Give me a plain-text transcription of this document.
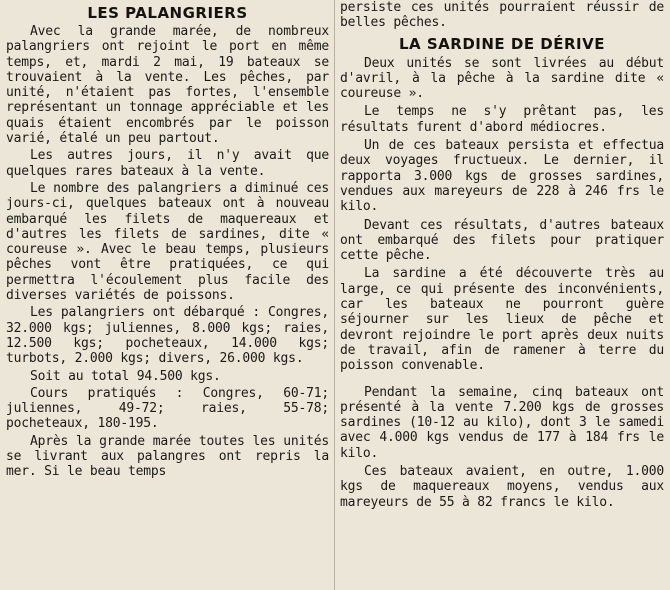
LES PALANGRIERS

Avec la grande marée, de nombreux palangriers ont rejoint le port en même temps, et, mardi 2 mai, 19 bateaux se trouvaient à la vente. Les pêches, par unité, n'étaient pas fortes, l'ensemble représentant un tonnage appréciable et les quais étaient encombrés par le poisson varié, étalé un peu partout.

Les autres jours, il n'y avait que quelques rares bateaux à la vente.

Le nombre des palangriers a diminué ces jours-ci, quelques bateaux ont à nouveau embarqué les filets de maquereaux et d'autres les filets de sardines, dite « coureuse ». Avec le beau temps, plusieurs pêches vont être pratiquées, ce qui permettra l'écoulement plus facile des diverses variétés de poissons.

Les palangriers ont débarqué : Congres, 32.000 kgs; juliennes, 8.000 kgs; raies, 12.500 kgs; pocheteaux, 14.000 kgs; turbots, 2.000 kgs; divers, 26.000 kgs.

Soit au total 94.500 kgs.

Cours pratiqués : Congres, 60-71; juliennes, 49-72; raies, 55-78; pocheteaux, 180-195.

Après la grande marée toutes les unités se livrant aux palangres ont repris la mer. Si le beau temps

persiste ces unités pourraient réussir de belles pêches.

LA SARDINE DE DÉRIVE

Deux unités se sont livrées au début d'avril, à la pêche à la sardine dite « coureuse ».

Le temps ne s'y prêtant pas, les résultats furent d'abord médiocres.

Un de ces bateaux persista et effectua deux voyages fructueux. Le dernier, il rapporta 3.000 kgs de grosses sardines, vendues aux mareyeurs de 228 à 246 frs le kilo.

Devant ces résultats, d'autres bateaux ont embarqué des filets pour pratiquer cette pêche.

La sardine a été découverte très au large, ce qui présente des inconvénients, car les bateaux ne pourront guère séjourner sur les lieux de pêche et devront rejoindre le port après deux nuits de travail, afin de ramener à terre du poisson convenable.

Pendant la semaine, cinq bateaux ont présenté à la vente 7.200 kgs de grosses sardines (10-12 au kilo), dont 3 le samedi avec 4.000 kgs vendus de 177 à 184 frs le kilo.

Ces bateaux avaient, en outre, 1.000 kgs de maquereaux moyens, vendus aux mareyeurs de 55 à 82 francs le kilo.
